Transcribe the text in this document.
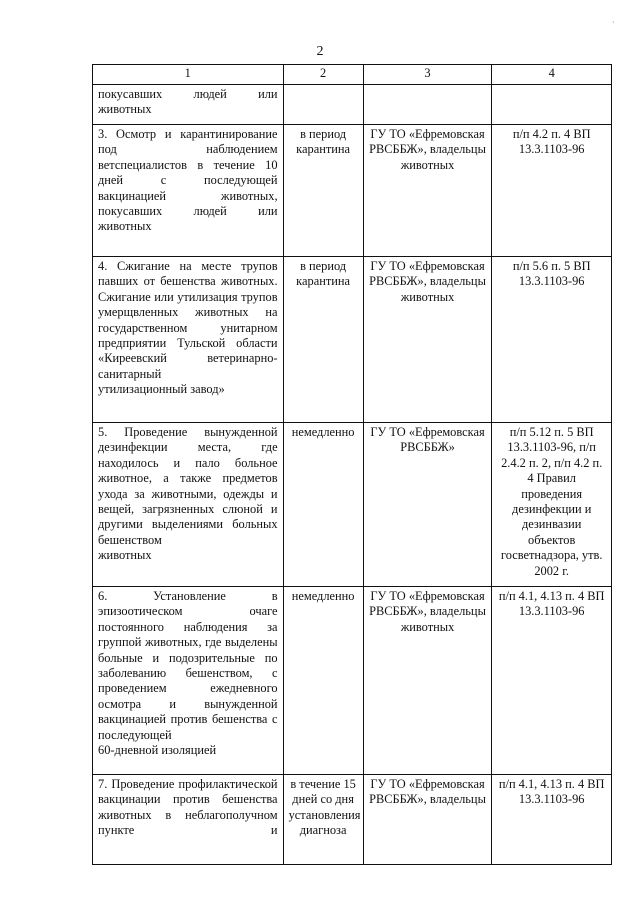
·
2
1	2	3	4
покусавших людей или
животных			

3. Осмотр и карантинирование под наблюдением ветспециалистов в течение 10 дней с последующей вакцинацией животных, покусавших людей или
животных	в период карантина	ГУ ТО «Ефремовская РВСББЖ», владельцы животных	п/п 4.2 п. 4 ВП 13.3.1103-96
4. Сжигание на месте трупов павших от бешенства животных. Сжигание или утилизация трупов умерщвленных животных на государственном унитарном предприятии Тульской области «Киреевский ветеринарно-санитарный
утилизационный завод»	в период карантина	ГУ ТО «Ефремовская РВСББЖ», владельцы животных	п/п 5.6 п. 5 ВП 13.3.1103-96
5. Проведение вынужденной дезинфекции места, где находилось и пало больное животное, а также предметов ухода за животными, одежды и вещей, загрязненных слюной и другими выделениями больных бешенством
животных	немедленно	ГУ ТО «Ефремовская РВСББЖ»	п/п 5.12 п. 5 ВП 13.3.1103-96, п/п 2.4.2 п. 2, п/п 4.2 п. 4 Правил проведения дезинфекции и дезинвазии объектов госветнадзора, утв. 2002 г.
6. Установление в эпизоотическом очаге постоянного наблюдения за группой животных, где выделены больные и подозрительные по заболеванию бешенством, с проведением ежедневного осмотра и вынужденной вакцинацией против бешенства с последующей
60-дневной изоляцией	немедленно	ГУ ТО «Ефремовская РВСББЖ», владельцы животных	п/п 4.1, 4.13 п. 4 ВП 13.3.1103-96
7. Проведение профилактической вакцинации против бешенства животных в неблагополучном пункте и	в течение 15 дней со дня установления диагноза	ГУ ТО «Ефремовская РВСББЖ», владельцы	п/п 4.1, 4.13 п. 4 ВП 13.3.1103-96
